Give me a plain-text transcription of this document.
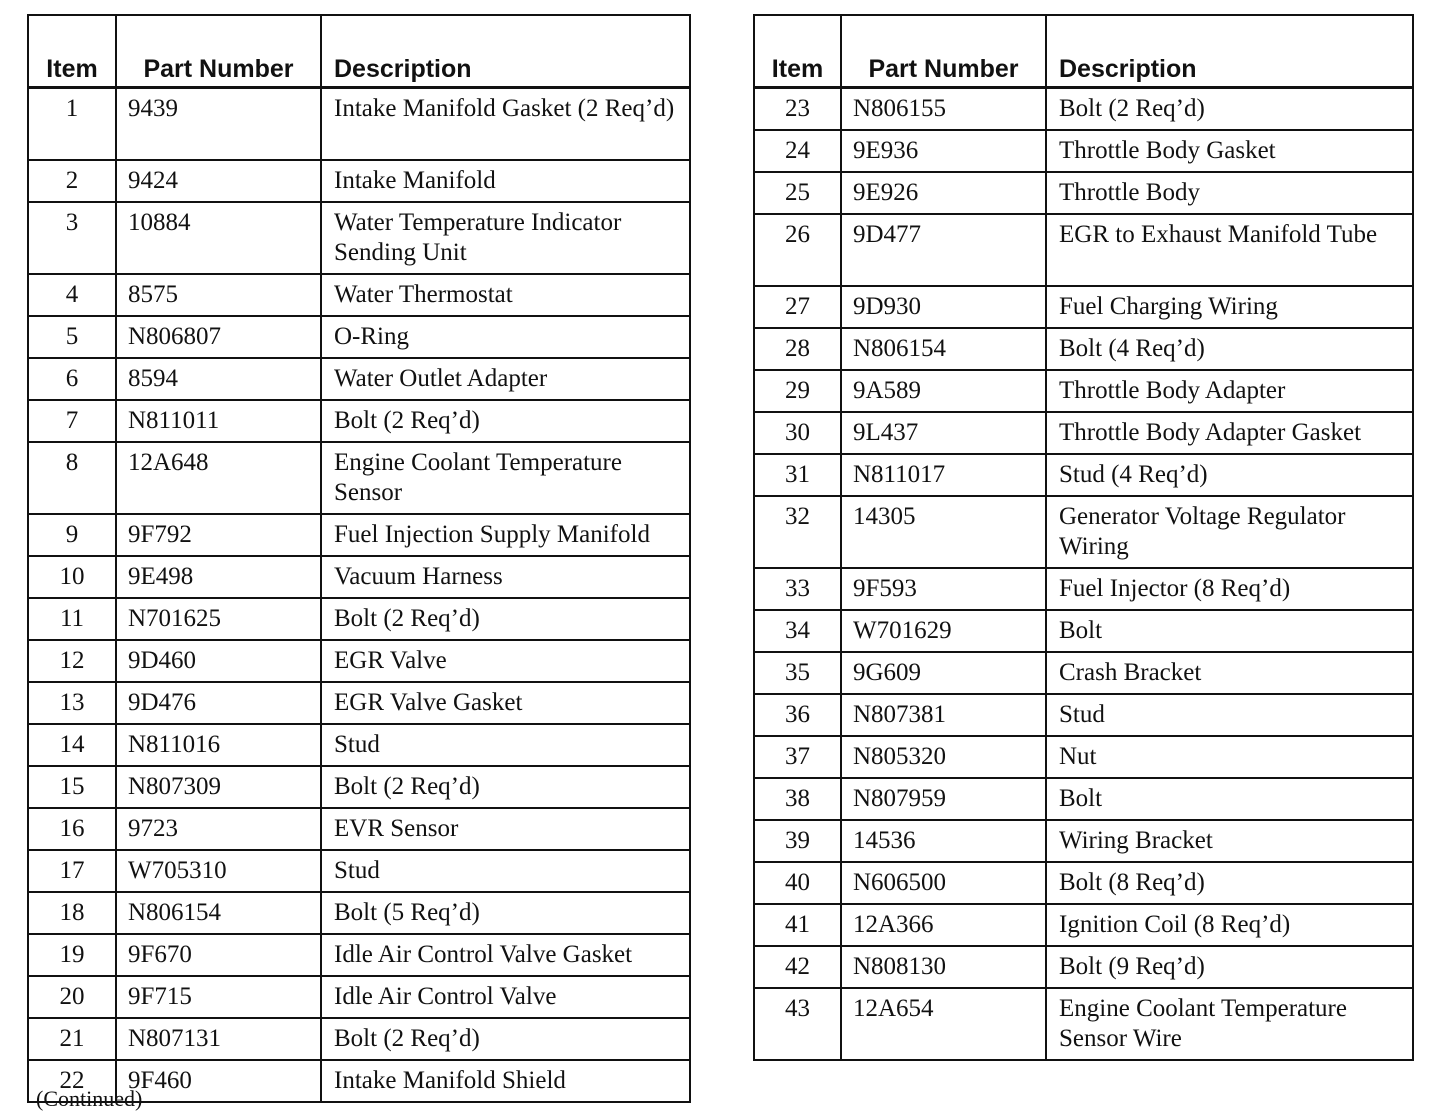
Item	Part Number	Description
1	9439	Intake Manifold Gasket (2 Req’d)
2	9424	Intake Manifold
3	10884	Water Temperature Indicator Sending Unit
4	8575	Water Thermostat
5	N806807	O-Ring
6	8594	Water Outlet Adapter
7	N811011	Bolt (2 Req’d)
8	12A648	Engine Coolant Temperature Sensor
9	9F792	Fuel Injection Supply Manifold
10	9E498	Vacuum Harness
11	N701625	Bolt (2 Req’d)
12	9D460	EGR Valve
13	9D476	EGR Valve Gasket
14	N811016	Stud
15	N807309	Bolt (2 Req’d)
16	9723	EVR Sensor
17	W705310	Stud
18	N806154	Bolt (5 Req’d)
19	9F670	Idle Air Control Valve Gasket
20	9F715	Idle Air Control Valve
21	N807131	Bolt (2 Req’d)
22	9F460	Intake Manifold Shield
Item	Part Number	Description
23	N806155	Bolt (2 Req’d)
24	9E936	Throttle Body Gasket
25	9E926	Throttle Body
26	9D477	EGR to Exhaust Manifold Tube
27	9D930	Fuel Charging Wiring
28	N806154	Bolt (4 Req’d)
29	9A589	Throttle Body Adapter
30	9L437	Throttle Body Adapter Gasket
31	N811017	Stud (4 Req’d)
32	14305	Generator Voltage Regulator Wiring
33	9F593	Fuel Injector (8 Req’d)
34	W701629	Bolt
35	9G609	Crash Bracket
36	N807381	Stud
37	N805320	Nut
38	N807959	Bolt
39	14536	Wiring Bracket
40	N606500	Bolt (8 Req’d)
41	12A366	Ignition Coil (8 Req’d)
42	N808130	Bolt (9 Req’d)
43	12A654	Engine Coolant Temperature Sensor Wire
(Continued)
